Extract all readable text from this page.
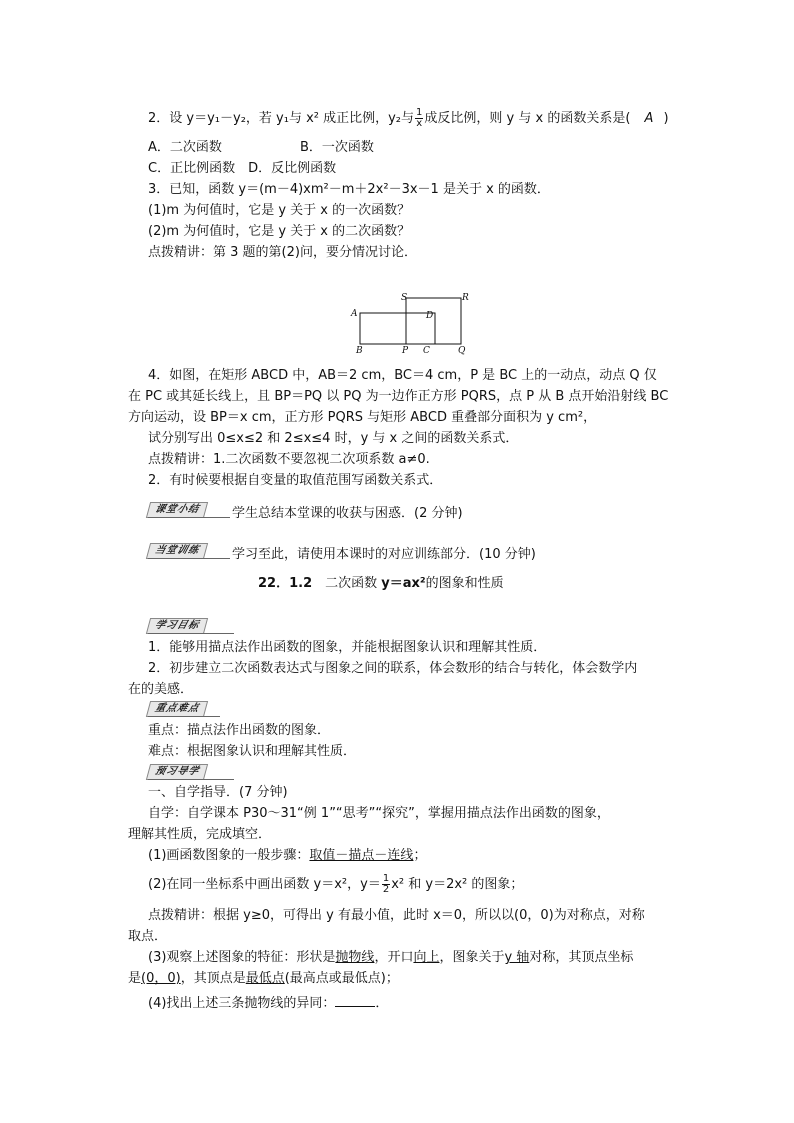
2．设 y＝y₁－y₂，若 y₁与 x² 成正比例，y₂与 $\frac{1}{x}$ 成反比例，则 y 与 x 的函数关系是( A )
A．二次函数	B．一次函数
C．正比例函数　D．反比例函数
3．已知，函数 y＝(m－4)xm²－m＋2x²－3x－1 是关于 x 的函数．
(1)m 为何值时，它是 y 关于 x 的一次函数？
(2)m 为何值时，它是 y 关于 x 的二次函数？
点拨精讲：第 3 题的第(2)问，要分情况讨论．
A
B	P C
D
Q
R
S
4．如图，在矩形 ABCD 中，AB＝2 cm，BC＝4 cm，P 是 BC 上的一动点，动点 Q 仅
在 PC 或其延长线上，且 BP＝PQ 以 PQ 为一边作正方形 PQRS，点 P 从 B 点开始沿射线 BC
方向运动，设 BP＝x cm，正方形 PQRS 与矩形 ABCD 重叠部分面积为 y cm²，
试分别写出 0≤x≤2 和 2≤x≤4 时，y 与 x 之间的函数关系式．
点拨精讲：1.二次函数不要忽视二次项系数 a≠0.
2．有时候要根据自变量的取值范围写函数关系式．
课堂小结	学生总结本堂课的收获与困惑．(2 分钟)
当堂训练	学习至此，请使用本课时的对应训练部分．(10 分钟)
22．1.2　二次函数 y＝ax²的图象和性质
学习目标
1．能够用描点法作出函数的图象，并能根据图象认识和理解其性质．
2．初步建立二次函数表达式与图象之间的联系，体会数形的结合与转化，体会数学内
在的美感．
重点难点
重点：描点法作出函数的图象．
难点：根据图象认识和理解其性质．
预习导学
一、自学指导．(7 分钟)
自学：自学课本 P30～31“例 1”“思考”“探究”，掌握用描点法作出函数的图象，
理解其性质，完成填空．
(1)画函数图象的一般步骤：取值－描点－连线；
(2)在同一坐标系中画出函数 y＝x²，$y= \frac{1}{2} x^2$ 和 y＝2x² 的图象；
点拨精讲：根据 y≥0，可得出 y 有最小值，此时 x＝0，所以以(0，0)为对称点，对称
取点．
(3)观察上述图象的特征：形状是抛物线，开口向上，图象关于y 轴对称，其顶点坐标
是(0，0)，其顶点是最低点(最高点或最低点)；
(4)找出上述三条抛物线的异同：	．
